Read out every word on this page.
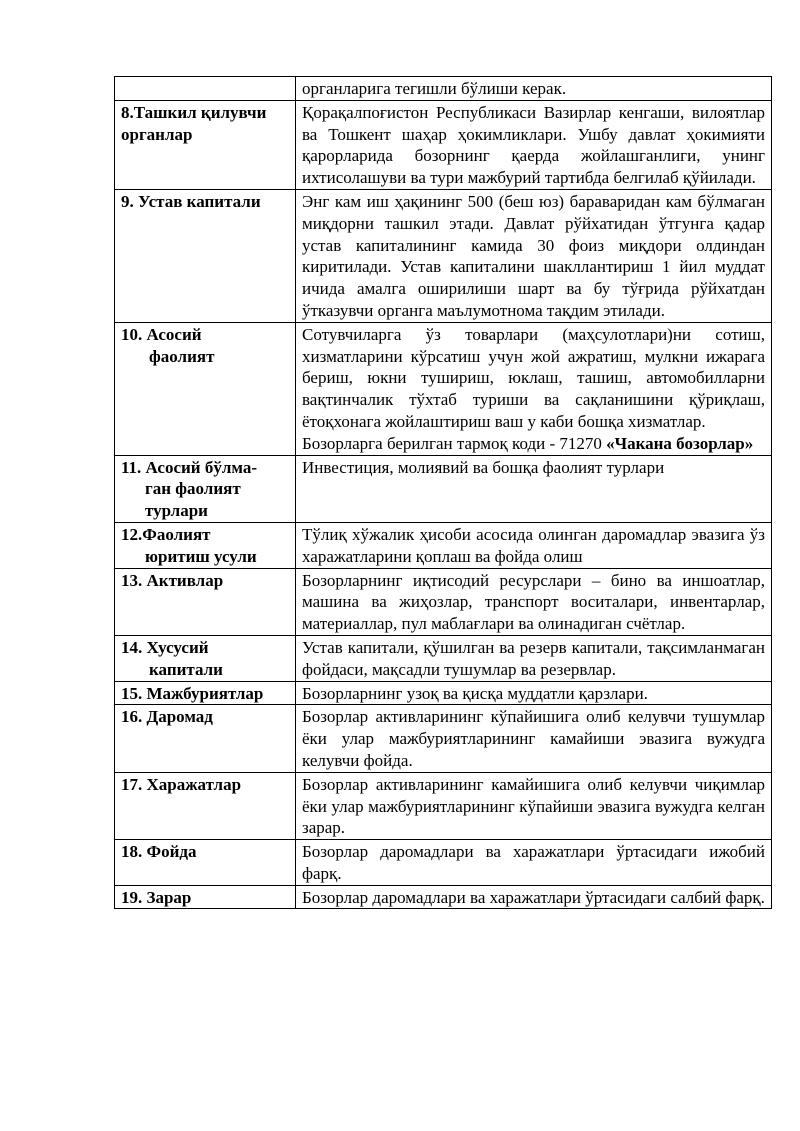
	органларига тегишли бўлиши керак.

8.Ташкил қилувчи
органлар	Қорақалпоғистон Республикаси Вазирлар кенгаши, вилоятлар ва Тошкент шаҳар ҳокимликлари. Ушбу давлат ҳокимияти қарорларида бозорнинг қаерда жойлашганлиги, унинг ихтисолашуви ва тури мажбурий тартибда белгилаб қўйилади.

9. Устав капитали	Энг кам иш ҳақининг 500 (беш юз) бараваридан кам бўлмаган миқдорни ташкил этади. Давлат рўйхатидан ўтгунга қадар устав капиталининг камида 30 фоиз миқдори олдиндан киритилади. Устав капиталини шакллантириш 1 йил муддат ичида амалга оширилиши шарт ва бу тўғрида рўйхатдан ўтказувчи органга маълумотнома тақдим этилади.

10. Асосий
фаолият	Сотувчиларга ўз товарлари (маҳсулотлари)ни сотиш, хизматларини кўрсатиш учун жой ажратиш, мулкни ижарага бериш, юкни тушириш, юклаш, ташиш, автомобилларни вақтинчалик тўхтаб туриши ва сақланишини қўриқлаш, ётоқхонага жойлаштириш ваш у каби бошқа хизматлар.
Бозорларга берилган тармоқ коди - 71270 «Чакана бозорлар»

11. Асосий бўлма-
ган фаолият
турлари	Инвестиция, молиявий ва бошқа фаолият турлари

12.Фаолият
юритиш усули	Тўлиқ хўжалик ҳисоби асосида олинган даромадлар эвазига ўз харажатларини қоплаш ва фойда олиш

13. Активлар	Бозорларнинг иқтисодий ресурслари – бино ва иншоатлар, машина ва жиҳозлар, транспорт воситалари, инвентарлар, материаллар, пул маблағлари ва олинадиган счётлар.

14. Хусусий
капитали	Устав капитали, қўшилган ва резерв капитали, тақсимланмаган фойдаси, мақсадли тушумлар ва резервлар.

15. Мажбуриятлар	Бозорларнинг узоқ ва қисқа муддатли қарзлари.

16. Даромад	Бозорлар активларининг кўпайишига олиб келувчи тушумлар ёки улар мажбуриятларининг камайиши эвазига вужудга келувчи фойда.

17. Харажатлар	Бозорлар активларининг камайишига олиб келувчи чиқимлар ёки улар мажбуриятларининг кўпайиши эвазига вужудга келган зарар.

18. Фойда	Бозорлар даромадлари ва харажатлари ўртасидаги ижобий фарқ.

19. Зарар	Бозорлар даромадлари ва харажатлари ўртасидаги салбий фарқ.
